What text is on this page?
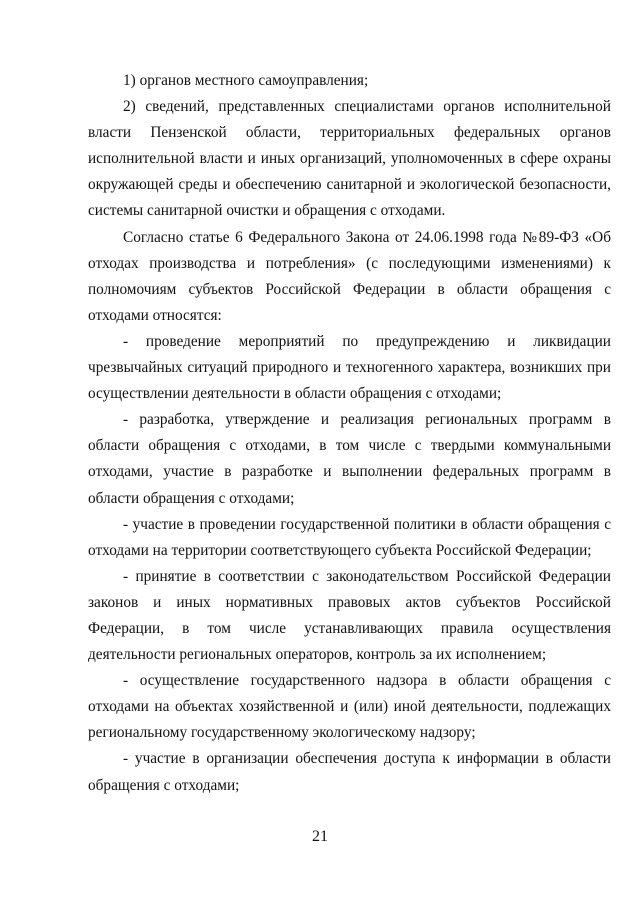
1) органов местного самоуправления;

2) сведений, представленных специалистами органов исполнительной власти Пензенской области, территориальных федеральных органов исполнительной власти и иных организаций, уполномоченных в сфере охраны окружающей среды и обеспечению санитарной и экологической безопасности, системы санитарной очистки и обращения с отходами.

Согласно статье 6 Федерального Закона от 24.06.1998 года №89-ФЗ «Об отходах производства и потребления» (с последующими изменениями) к полномочиям субъектов Российской Федерации в области обращения с отходами относятся:

- проведение мероприятий по предупреждению и ликвидации чрезвычайных ситуаций природного и техногенного характера, возникших при осуществлении деятельности в области обращения с отходами;

- разработка, утверждение и реализация региональных программ в области обращения с отходами, в том числе с твердыми коммунальными отходами, участие в разработке и выполнении федеральных программ в области обращения с отходами;

- участие в проведении государственной политики в области обращения с отходами на территории соответствующего субъекта Российской Федерации;

- принятие в соответствии с законодательством Российской Федерации законов и иных нормативных правовых актов субъектов Российской Федерации, в том числе устанавливающих правила осуществления деятельности региональных операторов, контроль за их исполнением;

- осуществление государственного надзора в области обращения с отходами на объектах хозяйственной и (или) иной деятельности, подлежащих региональному государственному экологическому надзору;

- участие в организации обеспечения доступа к информации в области обращения с отходами;

21
